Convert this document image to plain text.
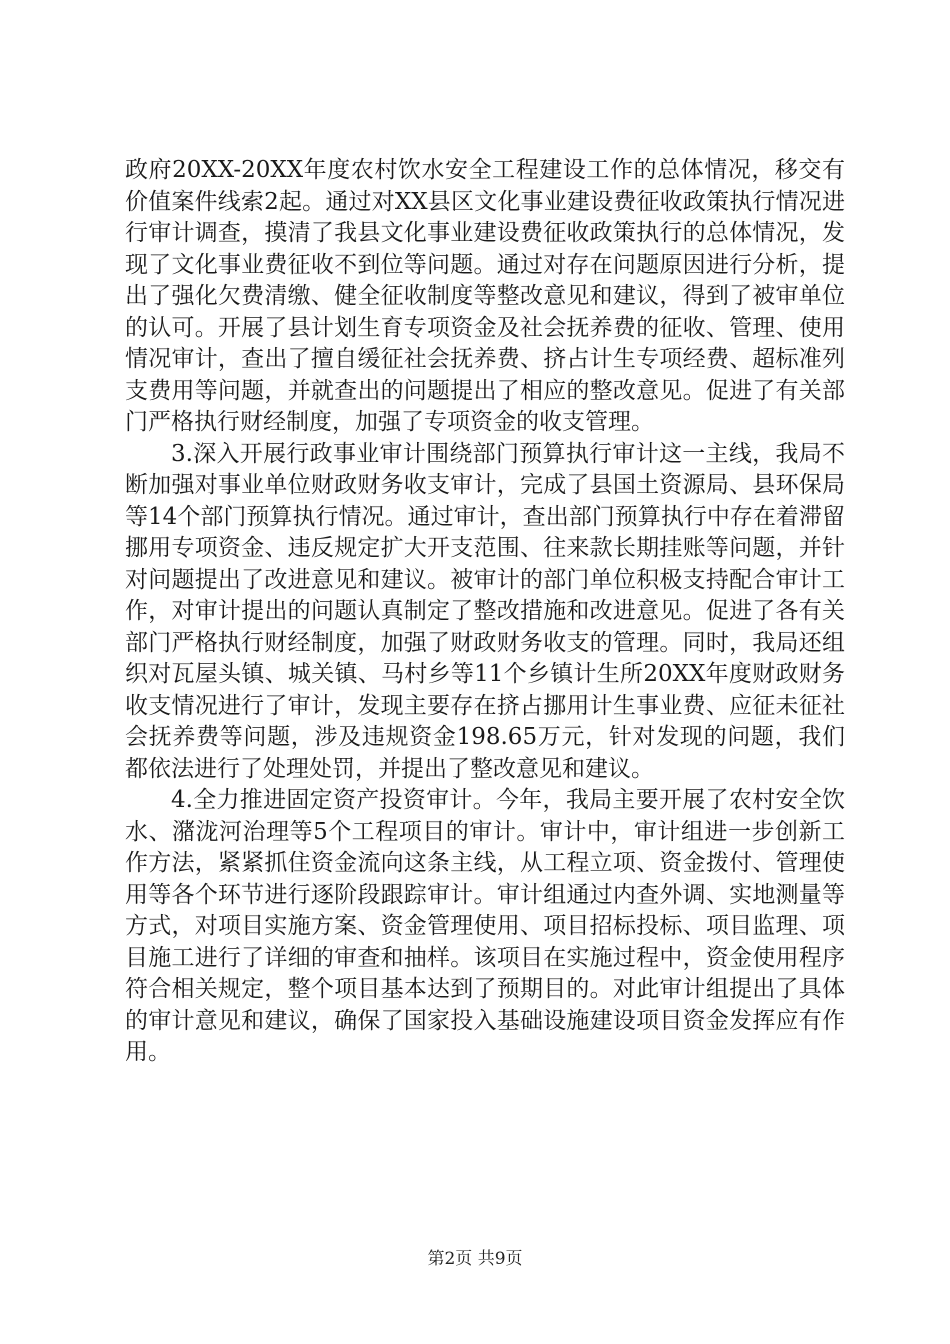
政府20XX-20XX年度农村饮水安全工程建设工作的总体情况，移交有价值案件线索2起。通过对XX县区文化事业建设费征收政策执行情况进行审计调查，摸清了我县文化事业建设费征收政策执行的总体情况，发现了文化事业费征收不到位等问题。通过对存在问题原因进行分析，提出了强化欠费清缴、健全征收制度等整改意见和建议，得到了被审单位的认可。开展了县计划生育专项资金及社会抚养费的征收、管理、使用情况审计，查出了擅自缓征社会抚养费、挤占计生专项经费、超标准列支费用等问题，并就查出的问题提出了相应的整改意见。促进了有关部门严格执行财经制度，加强了专项资金的收支管理。

3.深入开展行政事业审计围绕部门预算执行审计这一主线，我局不断加强对事业单位财政财务收支审计，完成了县国土资源局、县环保局等14个部门预算执行情况。通过审计，查出部门预算执行中存在着滞留挪用专项资金、违反规定扩大开支范围、往来款长期挂账等问题，并针对问题提出了改进意见和建议。被审计的部门单位积极支持配合审计工作，对审计提出的问题认真制定了整改措施和改进意见。促进了各有关部门严格执行财经制度，加强了财政财务收支的管理。同时，我局还组织对瓦屋头镇、城关镇、马村乡等11个乡镇计生所20XX年度财政财务收支情况进行了审计，发现主要存在挤占挪用计生事业费、应征未征社会抚养费等问题，涉及违规资金198.65万元，针对发现的问题，我们都依法进行了处理处罚，并提出了整改意见和建议。

4.全力推进固定资产投资审计。今年，我局主要开展了农村安全饮水、潴泷河治理等5个工程项目的审计。审计中，审计组进一步创新工作方法，紧紧抓住资金流向这条主线，从工程立项、资金拨付、管理使用等各个环节进行逐阶段跟踪审计。审计组通过内查外调、实地测量等方式，对项目实施方案、资金管理使用、项目招标投标、项目监理、项目施工进行了详细的审查和抽样。该项目在实施过程中，资金使用程序符合相关规定，整个项目基本达到了预期目的。对此审计组提出了具体的审计意见和建议，确保了国家投入基础设施建设项目资金发挥应有作用。

第2页 共9页
